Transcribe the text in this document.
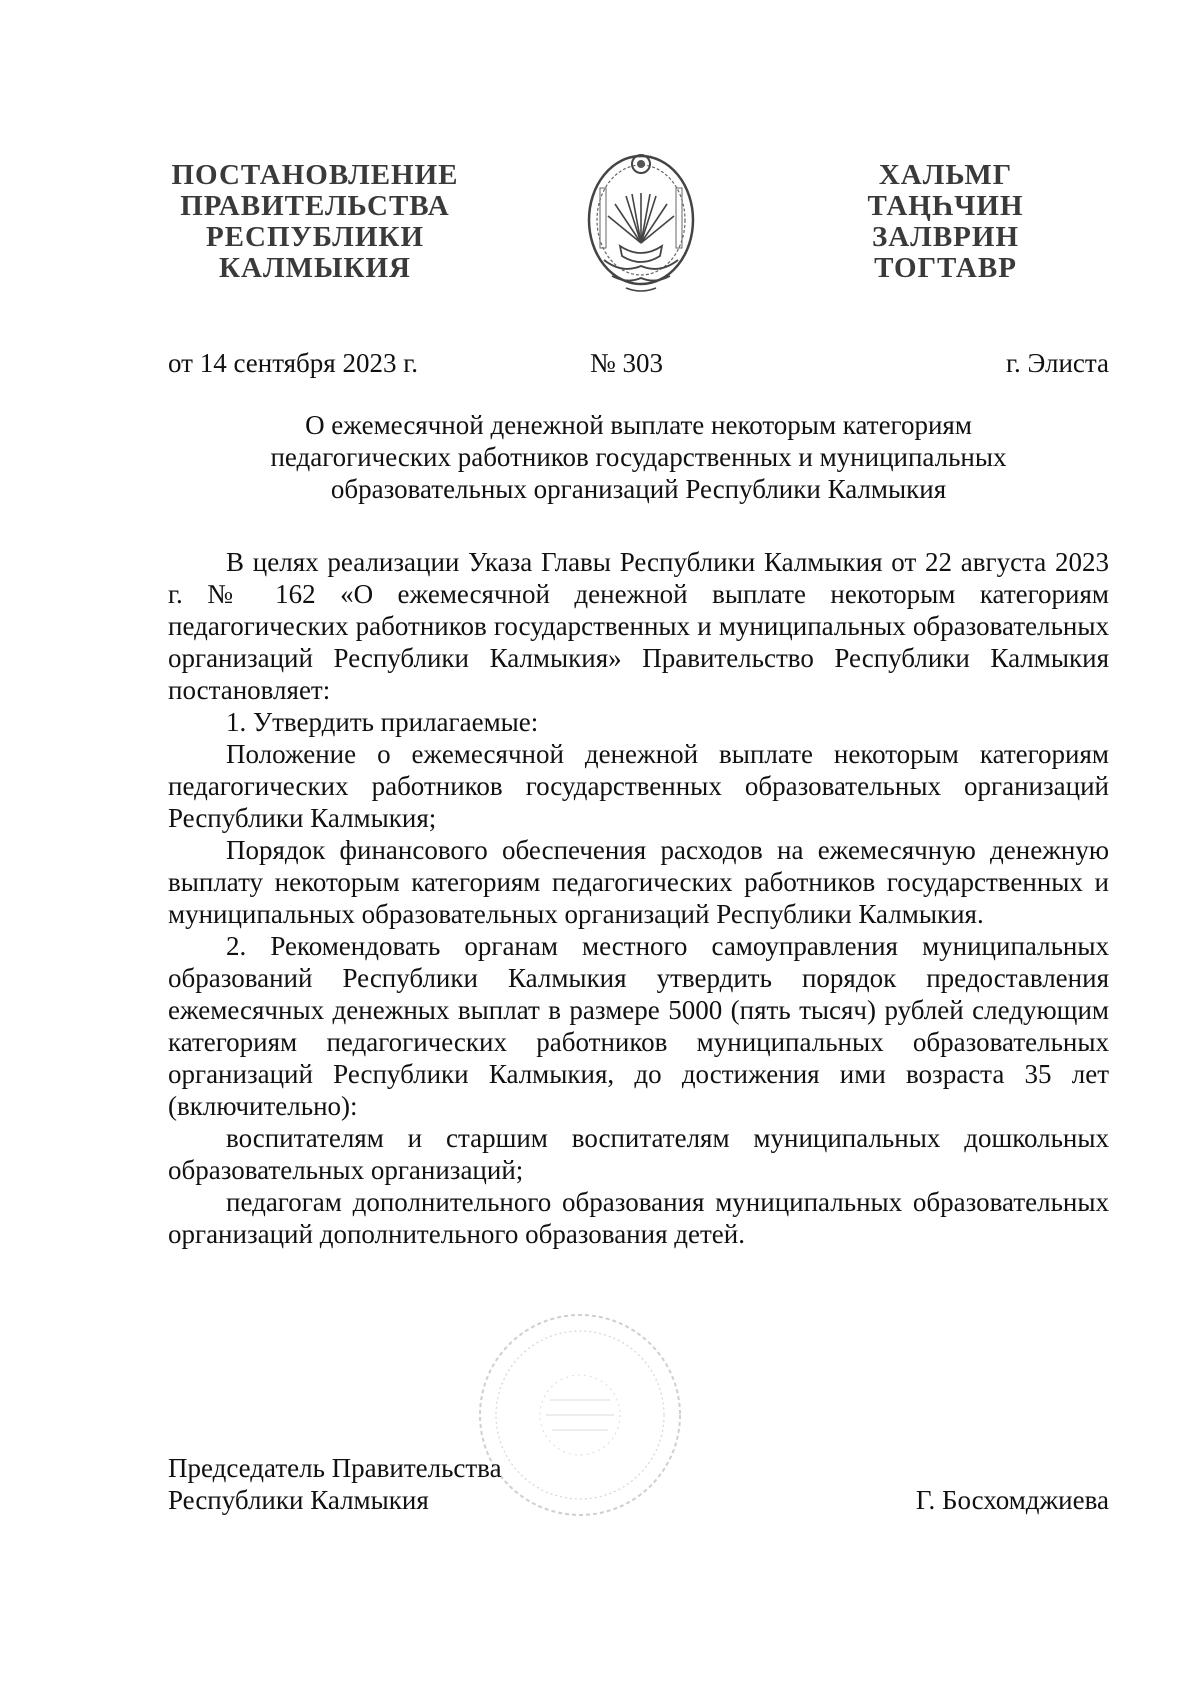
ПОСТАНОВЛЕНИЕ
ПРАВИТЕЛЬСТВА
РЕСПУБЛИКИ
КАЛМЫКИЯ
ХАЛЬМГ
ТАҢҺЧИН
ЗАЛВРИН
ТОГТАВР
от 14 сентября 2023 г.	№ 303	г. Элиста
О ежемесячной денежной выплате некоторым категориям
педагогических работников государственных и муниципальных
образовательных организаций Республики Калмыкия

В целях реализации Указа Главы Республики Калмыкия от 22 августа 2023 г. № 162 «О ежемесячной денежной выплате некоторым категориям педагогических работников государственных и муниципальных образовательных организаций Республики Калмыкия» Правительство Республики Калмыкия постановляет:

1. Утвердить прилагаемые:

Положение о ежемесячной денежной выплате некоторым категориям педагогических работников государственных образовательных организаций Республики Калмыкия;

Порядок финансового обеспечения расходов на ежемесячную денежную выплату некоторым категориям педагогических работников государственных и муниципальных образовательных организаций Республики Калмыкия.

2. Рекомендовать органам местного самоуправления муниципальных образований Республики Калмыкия утвердить порядок предоставления ежемесячных денежных выплат в размере 5000 (пять тысяч) рублей следующим категориям педагогических работников муниципальных образовательных организаций Республики Калмыкия, до достижения ими возраста 35 лет (включительно):

воспитателям и старшим воспитателям муниципальных дошкольных образовательных организаций;

педагогам дополнительного образования муниципальных образовательных организаций дополнительного образования детей.

Председатель Правительства
Республики Калмыкия	Г. Босхомджиева
